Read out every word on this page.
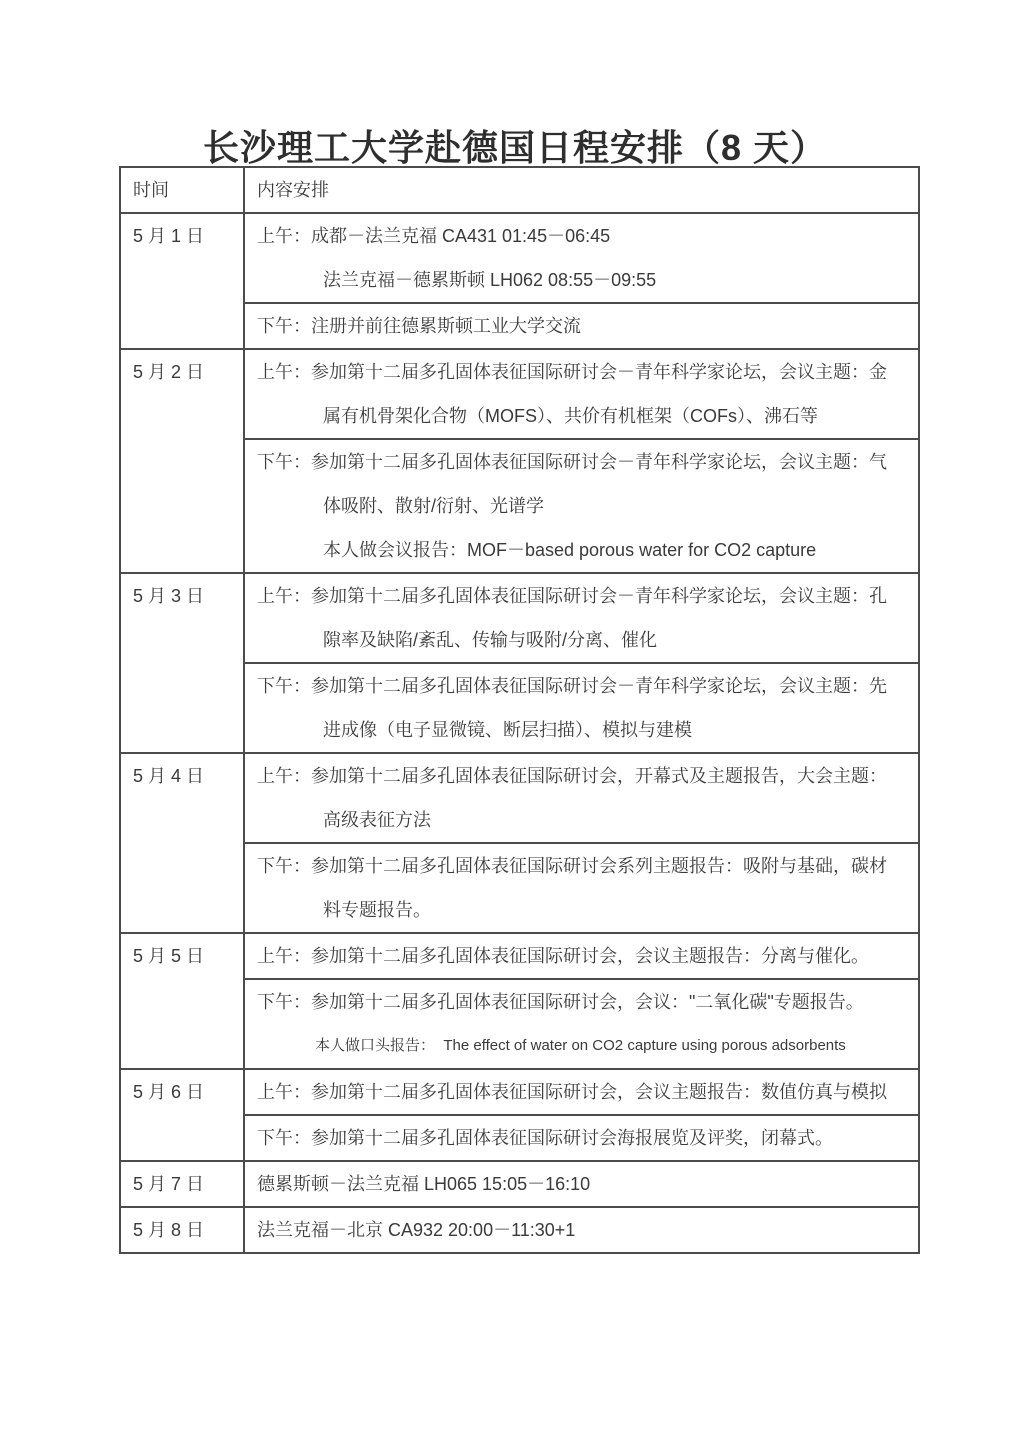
长沙理工大学赴德国日程安排（8 天）
时间	内容安排

5 月 1 日	上午：成都－法兰克福 CA431 01:45－06:45
法兰克福－德累斯顿 LH062 08:55－09:55

	下午：注册并前往德累斯顿工业大学交流

5 月 2 日	上午：参加第十二届多孔固体表征国际研讨会－青年科学家论坛，会议主题：金
属有机骨架化合物（MOFS）、共价有机框架（COFs）、沸石等

	下午：参加第十二届多孔固体表征国际研讨会－青年科学家论坛，会议主题：气
体吸附、散射/衍射、光谱学
本人做会议报告：MOF－based porous water for CO2 capture

5 月 3 日	上午：参加第十二届多孔固体表征国际研讨会－青年科学家论坛，会议主题：孔
隙率及缺陷/紊乱、传输与吸附/分离、催化

	下午：参加第十二届多孔固体表征国际研讨会－青年科学家论坛，会议主题：先
进成像（电子显微镜、断层扫描）、模拟与建模

5 月 4 日	上午：参加第十二届多孔固体表征国际研讨会，开幕式及主题报告，大会主题：
高级表征方法

	下午：参加第十二届多孔固体表征国际研讨会系列主题报告：吸附与基础，碳材
料专题报告。

5 月 5 日	上午：参加第十二届多孔固体表征国际研讨会，会议主题报告：分离与催化。

	下午：参加第十二届多孔固体表征国际研讨会，会议："二氧化碳"专题报告。
本人做口头报告：  The effect of water on CO2 capture using porous adsorbents

5 月 6 日	上午：参加第十二届多孔固体表征国际研讨会，会议主题报告：数值仿真与模拟

	下午：参加第十二届多孔固体表征国际研讨会海报展览及评奖，闭幕式。

5 月 7 日	德累斯顿－法兰克福 LH065 15:05－16:10

5 月 8 日	法兰克福－北京 CA932 20:00－11:30+1
